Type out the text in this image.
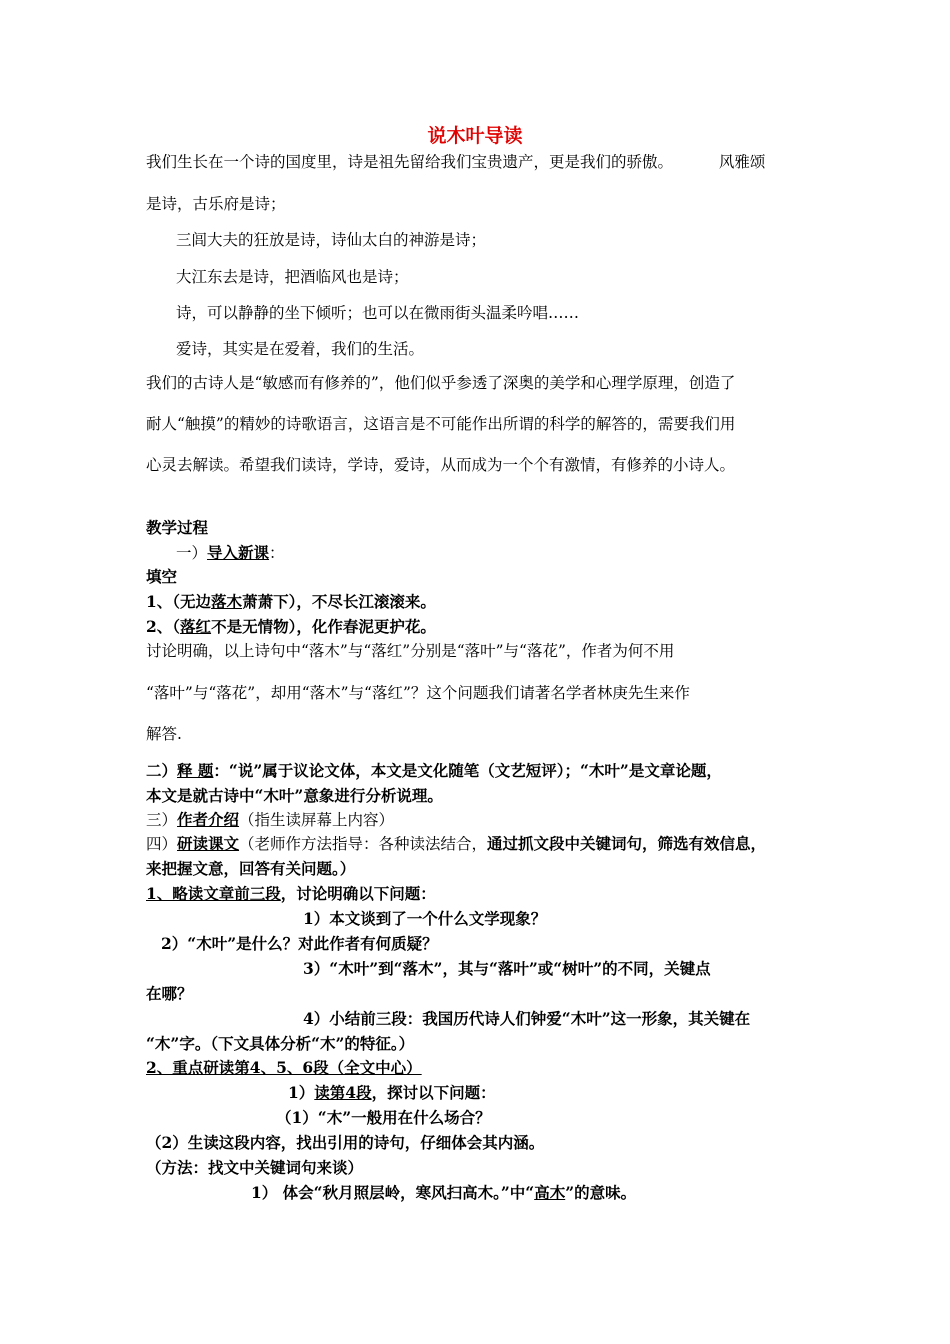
说木叶导读
我们生长在一个诗的国度里，诗是祖先留给我们宝贵遗产，更是我们的骄傲。	风雅颂
是诗，古乐府是诗；
三闾大夫的狂放是诗，诗仙太白的神游是诗；
大江东去是诗，把酒临风也是诗；
诗，可以静静的坐下倾听；也可以在微雨街头温柔吟唱……
爱诗，其实是在爱着，我们的生活。
我们的古诗人是“敏感而有修养的”，他们似乎参透了深奥的美学和心理学原理，创造了
耐人“触摸”的精妙的诗歌语言，这语言是不可能作出所谓的科学的解答的，需要我们用
心灵去解读。希望我们读诗，学诗，爱诗，从而成为一个个有激情，有修养的小诗人。
教学过程
一）导入新课：
填空
1、（无边落木萧萧下），不尽长江滚滚来。
2、（落红不是无情物），化作春泥更护花。
讨论明确，以上诗句中“落木”与“落红”分别是“落叶”与“落花”，作者为何不用
“落叶”与“落花”，却用“落木”与“落红”？这个问题我们请著名学者林庚先生来作
解答.
二）释 题：“说”属于议论文体，本文是文化随笔（文艺短评）；“木叶”是文章论题，
本文是就古诗中“木叶”意象进行分析说理。
三）作者介绍（指生读屏幕上内容）
四）研读课文（老师作方法指导：各种读法结合，通过抓文段中关键词句，筛选有效信息，
来把握文意，回答有关问题。）
1、略读文章前三段，讨论明确以下问题：
1）本文谈到了一个什么文学现象？
2）“木叶”是什么？对此作者有何质疑？
3）“木叶”到“落木”，其与“落叶”或“树叶”的不同，关键点
在哪？
4）小结前三段：我国历代诗人们钟爱“木叶”这一形象，其关键在
“木”字。（下文具体分析“木”的特征。）
2、重点研读第4、5、6段（全文中心）
1）读第4段，探讨以下问题：
（1）“木”一般用在什么场合？
（2）生读这段内容，找出引用的诗句，仔细体会其内涵。
（方法：找文中关键词句来谈）
1） 体会“秋月照层岭，寒风扫高木。”中“高木”的意味。
